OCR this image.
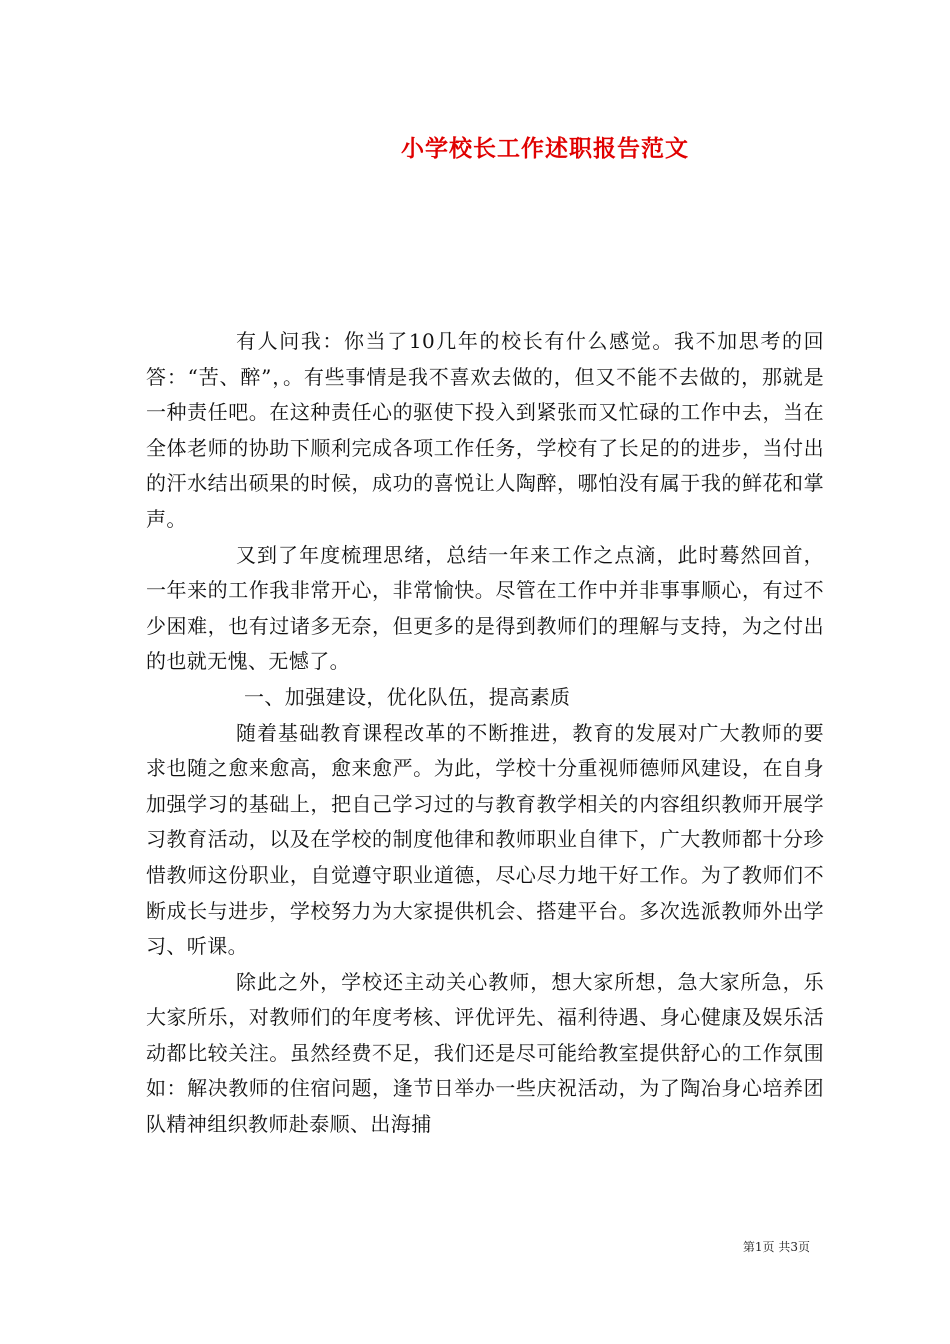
小学校长工作述职报告范文

有人问我：你当了10几年的校长有什么感觉。我不加思考的回答：“苦、醉”，。有些事情是我不喜欢去做的，但又不能不去做的，那就是一种责任吧。在这种责任心的驱使下投入到紧张而又忙碌的工作中去，当在全体老师的协助下顺利完成各项工作任务，学校有了长足的的进步，当付出的汗水结出硕果的时候，成功的喜悦让人陶醉，哪怕没有属于我的鲜花和掌声。

又到了年度梳理思绪，总结一年来工作之点滴，此时蓦然回首，一年来的工作我非常开心，非常愉快。尽管在工作中并非事事顺心，有过不少困难，也有过诸多无奈，但更多的是得到教师们的理解与支持，为之付出的也就无愧、无憾了。

一、加强建设，优化队伍，提高素质

随着基础教育课程改革的不断推进，教育的发展对广大教师的要求也随之愈来愈高，愈来愈严。为此，学校十分重视师德师风建设，在自身加强学习的基础上，把自己学习过的与教育教学相关的内容组织教师开展学习教育活动，以及在学校的制度他律和教师职业自律下，广大教师都十分珍惜教师这份职业，自觉遵守职业道德，尽心尽力地干好工作。为了教师们不断成长与进步，学校努力为大家提供机会、搭建平台。多次选派教师外出学习、听课。

除此之外，学校还主动关心教师，想大家所想，急大家所急，乐大家所乐，对教师们的年度考核、评优评先、福利待遇、身心健康及娱乐活动都比较关注。虽然经费不足，我们还是尽可能给教室提供舒心的工作氛围如：解决教师的住宿问题，逢节日举办一些庆祝活动，为了陶冶身心培养团队精神组织教师赴泰顺、出海捕

第1页 共3页
